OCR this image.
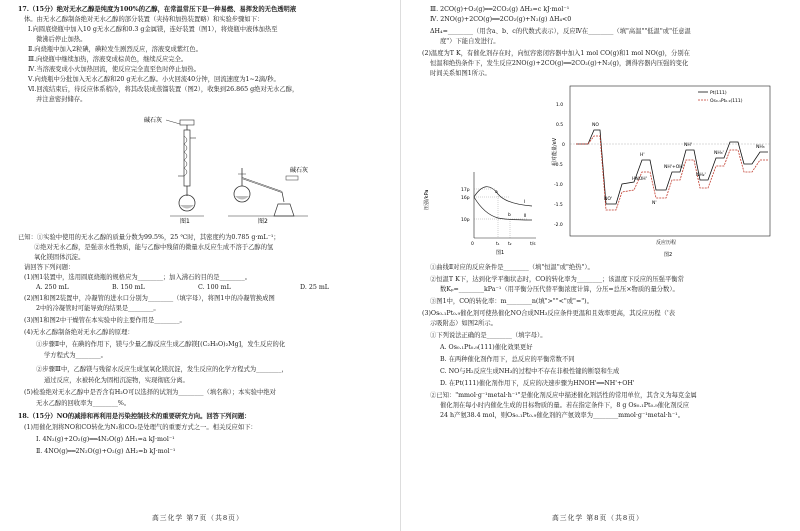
17.（15分）绝对无水乙醇是纯度为100%的乙醇，在常温常压下是一种易燃、易挥发的无色透明液
体。由无水乙醇制备绝对无水乙醇的部分装置（夹持和加热装置略）和实验步骤如下：
Ⅰ.向圆底烧瓶中加入10 g无水乙醇和0.3 g金属镁，连好装置（图1），将烧瓶中液体加热至
微沸后停止加热。
Ⅱ.向烧瓶中加入2粒碘，碘粒发生剧烈反应，溶液变成紫红色。
Ⅲ.向烧瓶中继续加热，溶液变成棕黄色，继续反应完全。
Ⅳ.当溶液变成小火加热回流，使反应完全直至色时停止加热。
Ⅴ.向烧瓶中分批加入无水乙醇和20 g无水乙醇。小火回流40分钟，回流速度为1~2滴/秒。
Ⅵ.回流结束后，待反应体系稍冷，将其改装成蒸馏装置（图2），收集到26.865 g绝对无水乙醇，
并注意密封储存。
碱石灰
图1
碱石灰
图2
已知：①实验中使用的无水乙醇的质量分数为99.5%，25 ℃时，其密度约为0.785 g·mL⁻¹；
②绝对无水乙醇，是强亲水性物质，能与乙醇中残留的微量水反应生成不溶于乙醇的氢
氧化镁固体沉淀。
请回答下列问题：
(1)图1装置中，选用圆底烧瓶的规格应为________；加入沸石的目的是________。
A. 250 mL	B. 150 mL	C. 100 mL	D. 25 mL
(2)图1和图2装置中，冷凝管的进水口分别为________（填字母），将图1中的冷凝管换成图
2中的冷凝管时可能导致的结果是________。
(3)图1和图2中干燥管在本实验中的主要作用是________。
(4)无水乙醇制备绝对无水乙醇的原理：
①步骤Ⅱ中，在碘的作用下，镁与少量乙醇反应生成乙醇镁[(C₂H₅O)₂Mg]，发生反应的化
学方程式为________。
②步骤Ⅲ中，乙醇镁与残留水反应生成氢氧化镁沉淀，发生反应的化学方程式为________，
通过反应，水被转化为固相沉淀物，实现彻底分离。
(5)检验绝对无水乙醇中是否含有H₂O可以选择的试剂为________（填名称）；本实验中绝对
无水乙醇的回收率为________%。
18.（15分）NO的减排和再利用是污染控制技术的重要研究方向。回答下列问题：
(1)用催化剂将NO和CO转化为N₂和CO₂是处理气的重要方式之一。相关反应如下：
Ⅰ. 4N₂(g)+2O₂(g)══4N₂O(g) ΔH₁=a kJ·mol⁻¹
Ⅱ. 4NO(g)══2N₂O(g)+O₂(g) ΔH₂=b kJ·mol⁻¹
高三化学 第7页（共8页）
Ⅲ. 2CO(g)+O₂(g)══2CO₂(g) ΔH₃=c kJ·mol⁻¹
Ⅳ. 2NO(g)+2CO(g)══2CO₂(g)+N₂(g) ΔH₄<0
ΔH₄=________（用含a、b、c的代数式表示），反应Ⅳ在________（填"高温""低温"或"任意温
度"）下能自发进行。
(2)温度为T K，有催化剂存在时，向恒容密闭容器中加入1 mol CO(g)和1 mol NO(g)，分别在
恒温和绝热条件下，发生反应2NO(g)+2CO(g)══2CO₂(g)+N₂(g)，测得容器内压强的变化
时间关系如图1所示。
压强/kPa	17p
16p
10p
Ⅰ
Ⅱ
a
b
0	t₁ t₂	t/s
图1
相对能量/eV
1.0
0.5
0
-0.5
-1.0
-1.5
-2.0
Pt(111)
Os₀.₁Pt₀.₉(111)
NO
NO'
HNOH'
NH'+OH'
NH₂'
NH₃'
NH₃
H'
N'
NH'
反应历程
图2
①曲线Ⅱ对应的反应条件是________（填"恒温"或"绝热"）。
②恒温T K下，达到化学平衡状态时，CO的转化率为________；该温度下反应的压强平衡常
数Kₚ=________kPa⁻¹（用平衡分压代替平衡浓度计算，分压=总压×物质的量分数）。
③图1中，CO的转化率：m________n(填">""<"或"=")。
(3)Os₀.₁Pt₀.₉催化剂可使热催化NO合成NH₃反应条件更温和且效率更高，其反应历程（'表
示吸附态）如图2所示。
①下列说法正确的是________（填字母）。
A. Os₀.₁Pt₀.₉(111)催化效果更好
B. 在两种催化剂作用下，总反应的平衡常数不同
C. NO与H₂反应生成NH₃的过程中不存在非极性键的断裂和生成
D. 在Pt(111)催化剂作用下，反应的决速步骤为HNOH'══NH'+OH'
②已知："mmol·g⁻¹metal·h⁻¹"是催化剂反应中描述催化剂活性的常用单位，其含义为每克金属
催化剂在每小时内催化生成的目标物质的量。若在指定条件下，8 g Os₀.₁Pt₀.₉催化剂反应
24 h产氨38.4 mol，则Os₀.₁Pt₀.₉催化剂的产氨效率为________mmol·g⁻¹metal·h⁻¹。
高三化学 第8页（共8页）
